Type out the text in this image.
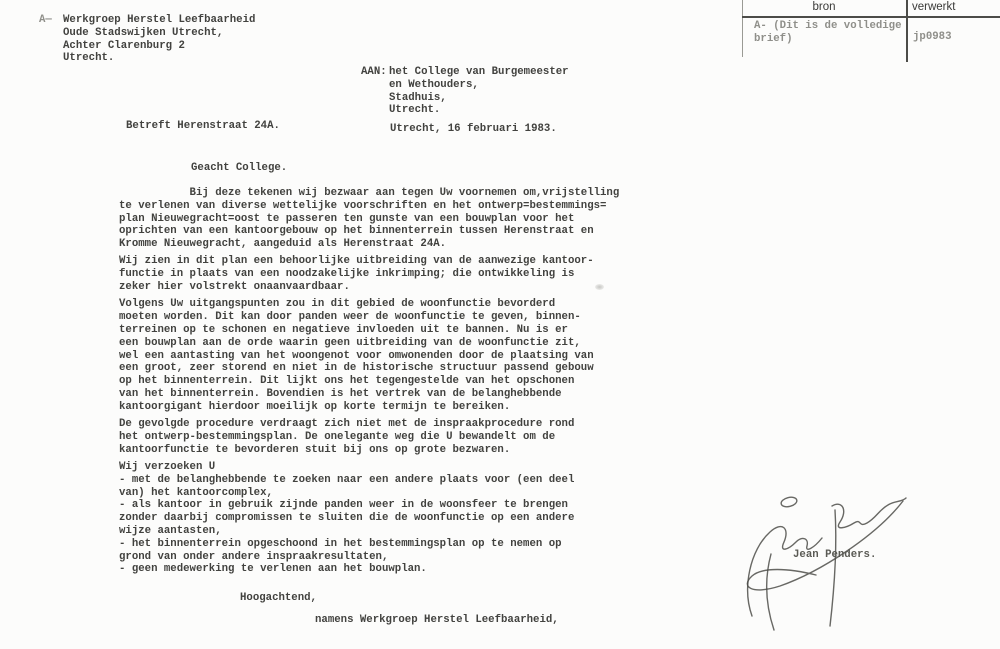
A— Werkgroep Herstel Leefbaarheid
Oude Stadswijken Utrecht,
Achter Clarenburg 2
Utrecht.
bron	verwerkt
A- (Dit is de volledige
brief)	jp0983
AAN: het College van Burgemeester
en Wethouders,
Stadhuis,
Utrecht.
Betreft Herenstraat 24A.	Utrecht, 16 februari 1983.
Geacht College.
Bij deze tekenen wij bezwaar aan tegen Uw voornemen om,vrijstelling
te verlenen van diverse wettelijke voorschriften en het ontwerp=bestemmings=
plan Nieuwegracht=oost te passeren ten gunste van een bouwplan voor het
oprichten van een kantoorgebouw op het binnenterrein tussen Herenstraat en
Kromme Nieuwegracht, aangeduid als Herenstraat 24A.
Wij zien in dit plan een behoorlijke uitbreiding van de aanwezige kantoor-
functie in plaats van een noodzakelijke inkrimping; die ontwikkeling is
zeker hier volstrekt onaanvaardbaar.
Volgens Uw uitgangspunten zou in dit gebied de woonfunctie bevorderd
moeten worden. Dit kan door panden weer de woonfunctie te geven, binnen-
terreinen op te schonen en negatieve invloeden uit te bannen. Nu is er
een bouwplan aan de orde waarin geen uitbreiding van de woonfunctie zit,
wel een aantasting van het woongenot voor omwonenden door de plaatsing van
een groot, zeer storend en niet in de historische structuur passend gebouw
op het binnenterrein. Dit lijkt ons het tegengestelde van het opschonen
van het binnenterrein. Bovendien is het vertrek van de belanghebbende
kantoorgigant hierdoor moeilijk op korte termijn te bereiken.
De gevolgde procedure verdraagt zich niet met de inspraakprocedure rond
het ontwerp-bestemmingsplan. De onelegante weg die U bewandelt om de
kantoorfunctie te bevorderen stuit bij ons op grote bezwaren.
Wij verzoeken U
- met de belanghebbende te zoeken naar een andere plaats voor (een deel
van) het kantoorcomplex,
- als kantoor in gebruik zijnde panden weer in de woonsfeer te brengen
zonder daarbij compromissen te sluiten die de woonfunctie op een andere
wijze aantasten,
- het binnenterrein opgeschoond in het bestemmingsplan op te nemen op
grond van onder andere inspraakresultaten,
- geen medewerking te verlenen aan het bouwplan.
Hoogachtend,
namens Werkgroep Herstel Leefbaarheid,
Jean Penders.
